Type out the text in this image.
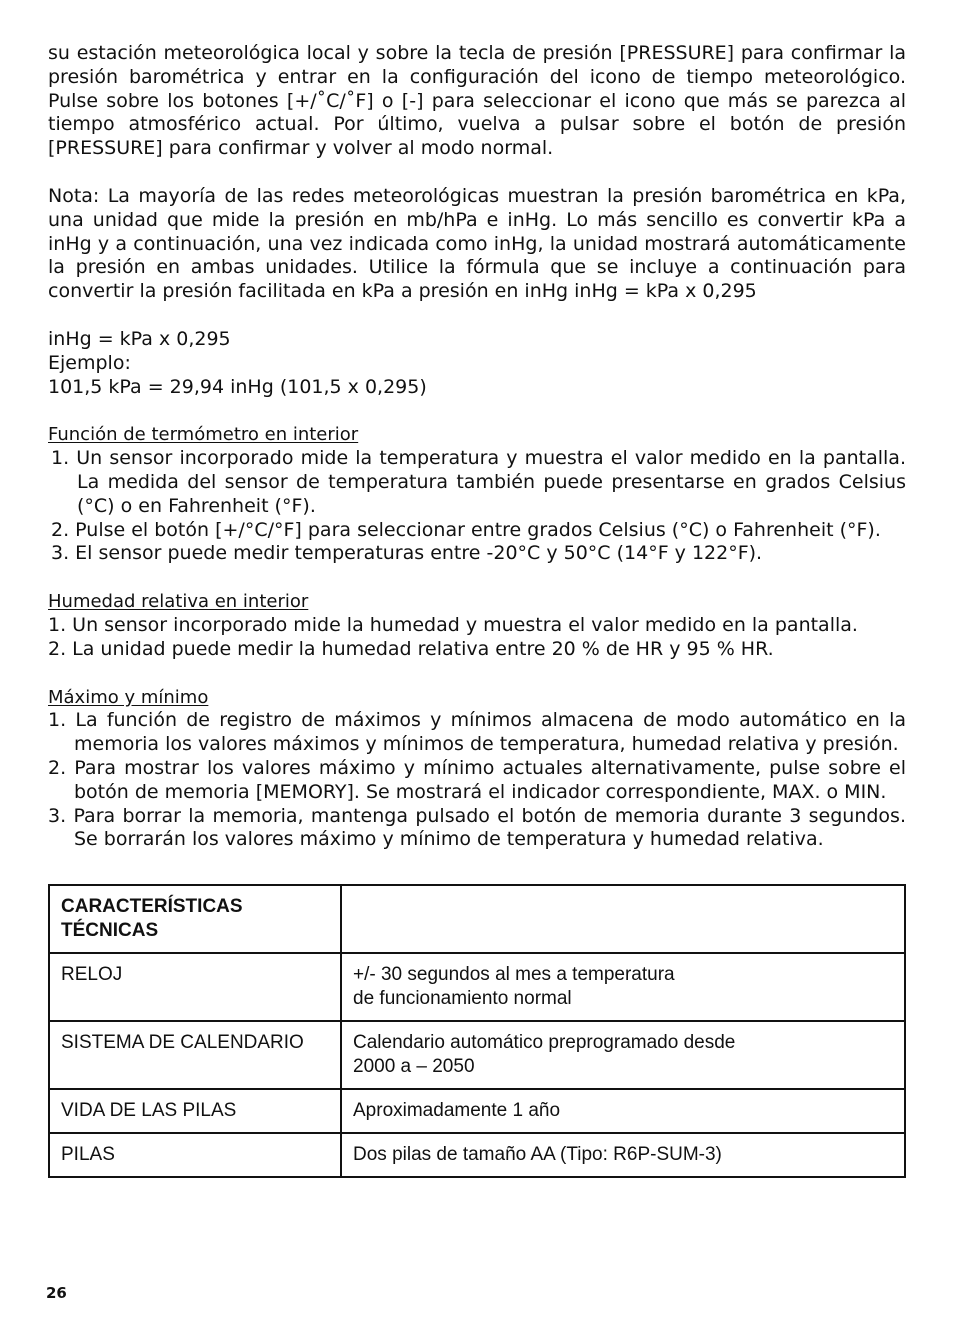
su estación meteorológica local y sobre la tecla de presión [PRESSURE] para confirmar la presión barométrica y entrar en la configuración del icono de tiempo meteorológico. Pulse sobre los botones [+/˚C/˚F] o [-] para seleccionar el icono que más se parezca al tiempo atmosférico actual. Por último, vuelva a pulsar sobre el botón de presión [PRESSURE] para confirmar y volver al modo normal.

Nota: La mayoría de las redes meteorológicas muestran la presión barométrica en kPa, una unidad que mide la presión en mb/hPa e inHg. Lo más sencillo es convertir kPa a inHg y a continuación, una vez indicada como inHg, la unidad mostrará automáticamente la presión en ambas unidades. Utilice la fórmula que se incluye a continuación para convertir la presión facilitada en kPa a presión en inHg inHg = kPa x 0,295

inHg = kPa x 0,295

Ejemplo:

101,5 kPa = 29,94 inHg (101,5 x 0,295)

Función de termómetro en interior

1. Un sensor incorporado mide la temperatura y muestra el valor medido en la pantalla. La medida del sensor de temperatura también puede presentarse en grados Celsius (°C) o en Fahrenheit (°F).
2. Pulse el botón [+/°C/°F] para seleccionar entre grados Celsius (°C) o Fahrenheit (°F).
3. El sensor puede medir temperaturas entre -20°C y 50°C (14°F y 122°F).

Humedad relativa en interior

1. Un sensor incorporado mide la humedad y muestra el valor medido en la pantalla.
2. La unidad puede medir la humedad relativa entre 20 % de HR y 95 % HR.

Máximo y mínimo

1. La función de registro de máximos y mínimos almacena de modo automático en la memoria los valores máximos y mínimos de temperatura, humedad relativa y presión.
2. Para mostrar los valores máximo y mínimo actuales alternativamente, pulse sobre el botón de memoria [MEMORY]. Se mostrará el indicador correspondiente, MAX. o MIN.
3. Para borrar la memoria, mantenga pulsado el botón de memoria durante 3 segundos. Se borrarán los valores máximo y mínimo de temperatura y humedad relativa.
CARACTERÍSTICAS TÉCNICAS	
RELOJ	+/- 30 segundos al mes a temperatura
de funcionamiento normal

SISTEMA DE CALENDARIO	Calendario automático preprogramado desde
2000 a – 2050

VIDA DE LAS PILAS	Aproximadamente 1 año

PILAS	Dos pilas de tamaño AA (Tipo: R6P-SUM-3)
26
